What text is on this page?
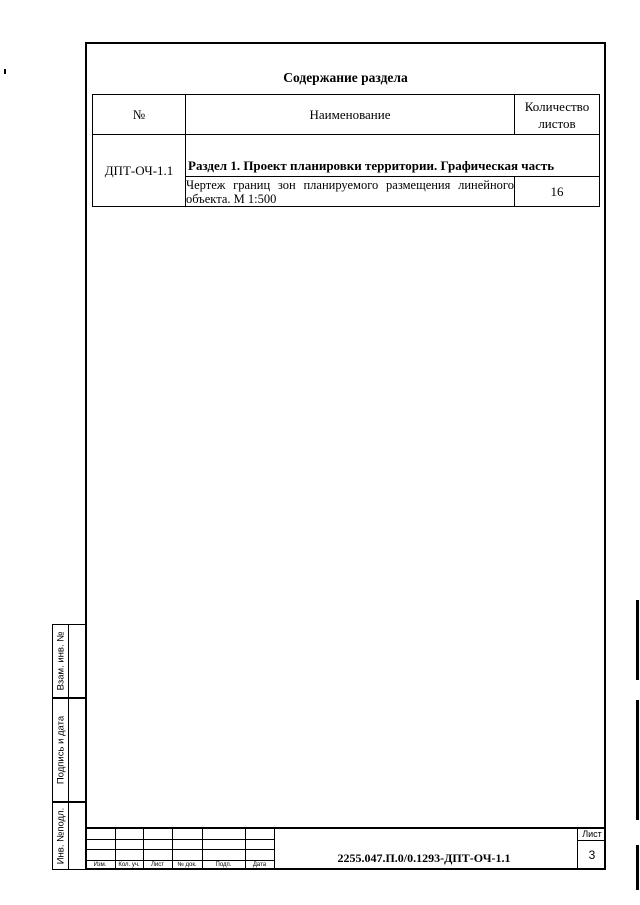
Содержание раздела
№	Наименование	Количество листов
ДПТ-ОЧ-1.1	Раздел 1. Проект планировки территории. Графическая часть	
	Чертеж границ зон планируемого размещения линейного объекта. М 1:500	16
Взам. инв. №
Подпись и дата
Инв. №подл.
Изм.	Кол. уч.	Лист	№ док.	Подп.	Дата	2255.047.П.0/0.1293-ДПТ-ОЧ-1.1
Лист
3
